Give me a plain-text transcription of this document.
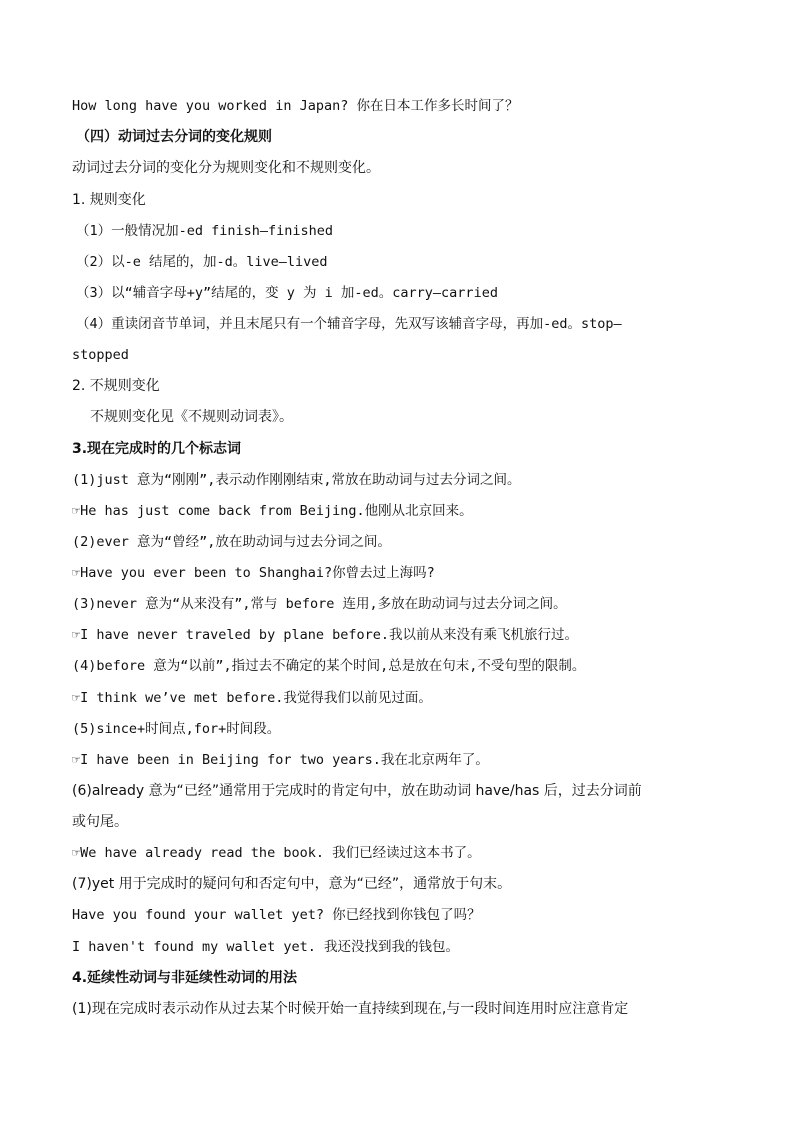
How long have you worked in Japan? 你在日本工作多长时间了？
（四）动词过去分词的变化规则
动词过去分词的变化分为规则变化和不规则变化。
1. 规则变化
（1）一般情况加-ed finish—finished
（2）以-e 结尾的，加-d。live—lived
（3）以“辅音字母+y”结尾的，变 y 为 i 加-ed。carry—carried
（4）重读闭音节单词，并且末尾只有一个辅音字母，先双写该辅音字母，再加-ed。stop—
stopped
2. 不规则变化
不规则变化见《不规则动词表》。
3.现在完成时的几个标志词
(1)just 意为“刚刚”,表示动作刚刚结束,常放在助动词与过去分词之间。
☞He has just come back from Beijing.他刚从北京回来。
(2)ever 意为“曾经”,放在助动词与过去分词之间。
☞Have you ever been to Shanghai?你曾去过上海吗?
(3)never 意为“从来没有”,常与 before 连用,多放在助动词与过去分词之间。
☞I have never traveled by plane before.我以前从来没有乘飞机旅行过。
(4)before 意为“以前”,指过去不确定的某个时间,总是放在句末,不受句型的限制。
☞I think we’ve met before.我觉得我们以前见过面。
(5)since+时间点,for+时间段。
☞I have been in Beijing for two years.我在北京两年了。
(6)already 意为“已经”通常用于完成时的肯定句中，放在助动词 have/has 后，过去分词前
或句尾。
☞We have already read the book. 我们已经读过这本书了。
(7)yet 用于完成时的疑问句和否定句中，意为“已经”，通常放于句末。
Have you found your wallet yet? 你已经找到你钱包了吗？
I haven't found my wallet yet. 我还没找到我的钱包。
4.延续性动词与非延续性动词的用法
(1)现在完成时表示动作从过去某个时候开始一直持续到现在,与一段时间连用时应注意肯定
